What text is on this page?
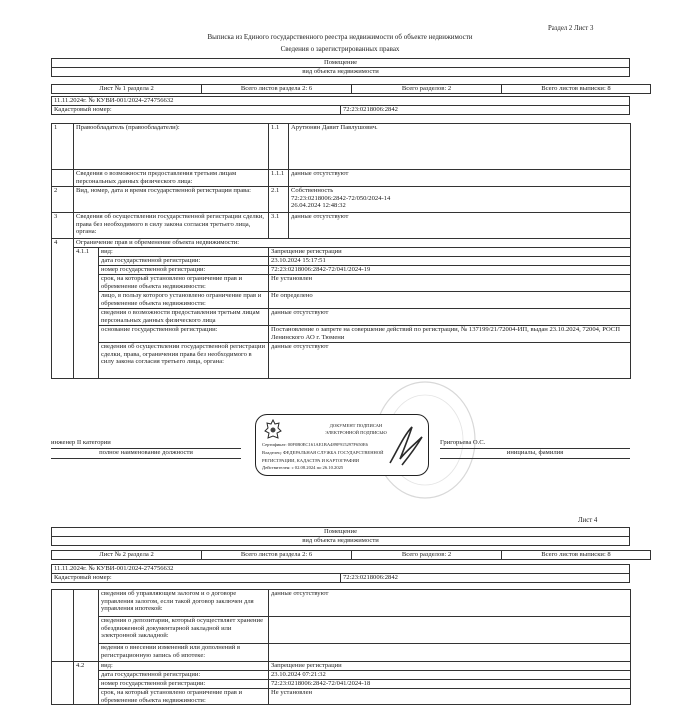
Раздел 2 Лист 3
Выписка из Единого государственного реестра недвижимости об объекте недвижимости
Сведения о зарегистрированных правах
Помещение
вид объекта недвижимости
Лист № 1 раздела 2	Всего листов раздела 2: 6	Всего разделов: 2	Всего листов выписки: 8
11.11.2024г. № КУВИ-001/2024-274756632
Кадастровый номер:	72:23:0218006:2842
1	Правообладатель (правообладатели):		1.1	Арутюнян Давит Павлушович.
	Сведения о возможности предоставления третьим лицам персональных данных физического лица:		1.1.1	данные отсутствуют
2	Вид, номер, дата и время государственной регистрации права:		2.1	Собственность
72:23:0218006:2842-72/050/2024-14
26.04.2024 12:48:32

3	Сведения об осуществлении государственной регистрации сделки, права без необходимого в силу закона согласия третьего лица, органа:		3.1	данные отсутствуют
4	Ограничение прав и обременение объекта недвижимости:			
	4.1.1	вид:	Запрещение регистрации	
		дата государственной регистрации:	23.10.2024 15:17:51	
		номер государственной регистрации:	72:23:0218006:2842-72/041/2024-19	
		срок, на который установлено ограничение прав и обременение объекта недвижимости:	Не установлен	
		лицо, в пользу которого установлено ограничение прав и обременение объекта недвижимости:	Не определено	
		сведения о возможности предоставления третьим лицам персональных данных физического лица	данные отсутствуют	
		основание государственной регистрации:	Постановление о запрете на совершение действий по регистрации, № 137199/21/72004-ИП, выдан 23.10.2024, 72004, РОСП Ленинского АО г. Тюмени	
		сведения об осуществлении государственной регистрации сделки, права, ограничения права без необходимого в силу закона согласия третьего лица, органа:	данные отсутствуют	
инженер II категории
полное наименование должности
Григорьева О.С.
инициалы, фамилия
ДОКУМЕНТ ПОДПИСАН
ЭЛЕКТРОННОЙ ПОДПИСЬЮ
Сертификат: 00F0B0EC161AE1BA489F915297F650E6
Владелец: ФЕДЕРАЛЬНАЯ СЛУЖБА ГОСУДАРСТВЕННОЙ
РЕГИСТРАЦИИ, КАДАСТРА И КАРТОГРАФИИ
Действителен: с 02.08.2024 по 26.10.2025
Лист 4
Помещение
вид объекта недвижимости
Лист № 2 раздела 2	Всего листов раздела 2: 6	Всего разделов: 2	Всего листов выписки: 8
11.11.2024г. № КУВИ-001/2024-274756632
Кадастровый номер:	72:23:0218006:2842
		сведения об управляющем залогом и о договоре управления залогом, если такой договор заключен для управления ипотекой:	данные отсутствуют
		сведения о депозитарии, который осуществляет хранение обездвиженной документарной закладной или электронной закладной:	
		ведения о внесении изменений или дополнений в регистрационную запись об ипотеке:	
	4.2	вид:	Запрещение регистрации
		дата государственной регистрации:	23.10.2024 07:21:32
		номер государственной регистрации:	72:23:0218006:2842-72/041/2024-18
		срок, на который установлено ограничение прав и обременение объекта недвижимости:	Не установлен
